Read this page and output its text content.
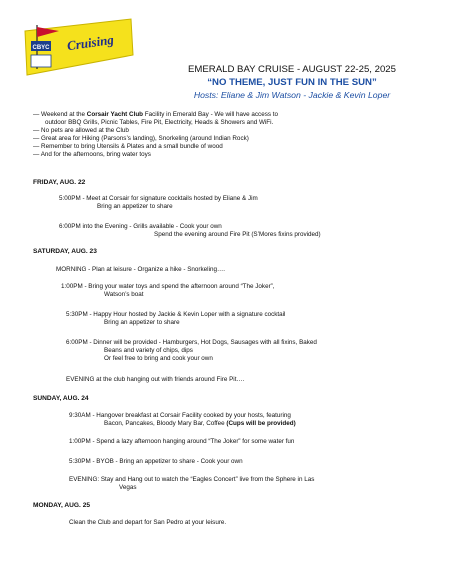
CBYC Cruising
EMERALD BAY CRUISE - AUGUST 22-25, 2025
“NO THEME, JUST FUN IN THE SUN”
Hosts: Eliane & Jim Watson - Jackie & Kevin Loper
— Weekend at the Corsair Yacht Club Facility in Emerald Bay - We will have access to
outdoor BBQ Grills, Picnic Tables, Fire Pit, Electricity, Heads & Showers and WiFi.
— No pets are allowed at the Club
— Great area for Hiking (Parsons’s landing), Snorkeling (around Indian Rock)
— Remember to bring Utensils & Plates and a small bundle of wood
— And for the afternoons, bring water toys
FRIDAY, AUG. 22
5:00PM - Meet at Corsair for signature cocktails hosted by Eliane & Jim
Bring an appetizer to share
6:00PM into the Evening - Grills available - Cook your own
Spend the evening around Fire Pit (S’Mores fixins provided)
SATURDAY, AUG. 23
MORNING - Plan at leisure - Organize a hike - Snorkeling….
1:00PM - Bring your water toys and spend the afternoon around “The Joker”,
Watson’s boat
5:30PM - Happy Hour hosted by Jackie & Kevin Loper with a signature cocktail
Bring an appetizer to share
6:00PM - Dinner will be provided - Hamburgers, Hot Dogs, Sausages with all fixins, Baked
Beans and variety of chips, dips
Or feel free to bring and cook your own
EVENING at the club hanging out with friends around Fire Pit….
SUNDAY, AUG. 24
9:30AM - Hangover breakfast at Corsair Facility cooked by your hosts, featuring
Bacon, Pancakes, Bloody Mary Bar, Coffee (Cups will be provided)
1:00PM - Spend a lazy afternoon hanging around “The Joker” for some water fun
5:30PM - BYOB - Bring an appetizer to share - Cook your own
EVENING: Stay and Hang out to watch the “Eagles Concert” live from the Sphere in Las
Vegas
MONDAY, AUG. 25
Clean the Club and depart for San Pedro at your leisure.
